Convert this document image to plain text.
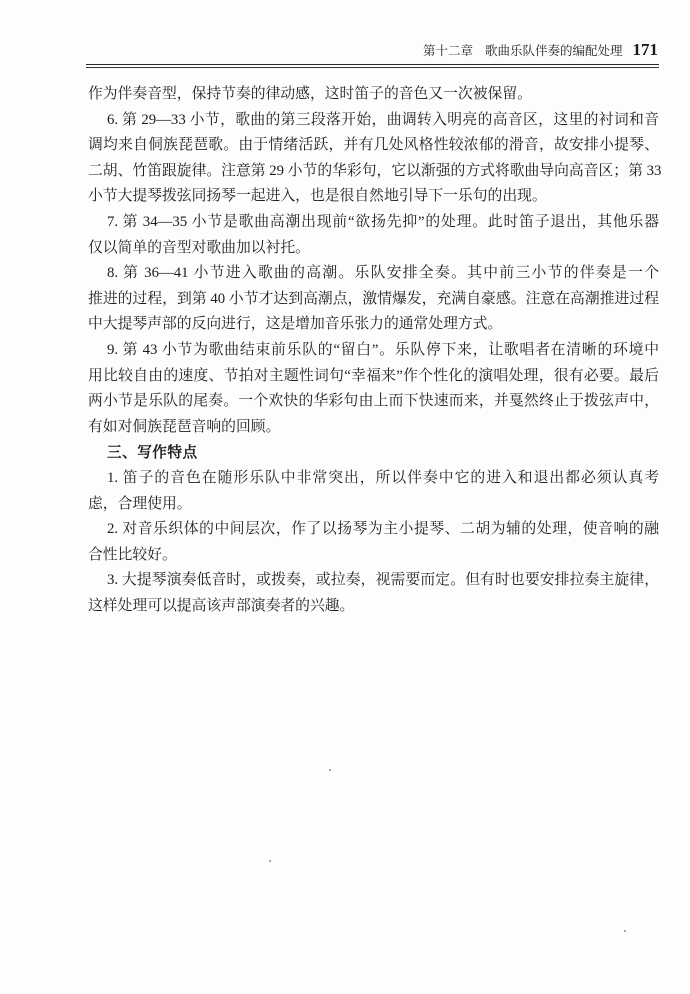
第十二章 歌曲乐队伴奏的编配处理 171
作为伴奏音型，保持节奏的律动感，这时笛子的音色又一次被保留。
6. 第 29—33 小节，歌曲的第三段落开始，曲调转入明亮的高音区，这里的衬词和音
调均来自侗族琵琶歌。由于情绪活跃，并有几处风格性较浓郁的滑音，故安排小提琴、
二胡、竹笛跟旋律。注意第 29 小节的华彩句，它以渐强的方式将歌曲导向高音区；第 33
小节大提琴拨弦同扬琴一起进入，也是很自然地引导下一乐句的出现。
7. 第 34—35 小节是歌曲高潮出现前“欲扬先抑”的处理。此时笛子退出，其他乐器
仅以简单的音型对歌曲加以衬托。
8. 第 36—41 小节进入歌曲的高潮。乐队安排全奏。其中前三小节的伴奏是一个
推进的过程，到第 40 小节才达到高潮点，激情爆发，充满自豪感。注意在高潮推进过程
中大提琴声部的反向进行，这是增加音乐张力的通常处理方式。
9. 第 43 小节为歌曲结束前乐队的“留白”。乐队停下来，让歌唱者在清晰的环境中
用比较自由的速度、节拍对主题性词句“幸福来”作个性化的演唱处理，很有必要。最后
两小节是乐队的尾奏。一个欢快的华彩句由上而下快速而来，并戛然终止于拨弦声中，
有如对侗族琵琶音响的回顾。
三、写作特点
1. 笛子的音色在随形乐队中非常突出，所以伴奏中它的进入和退出都必须认真考
虑，合理使用。
2. 对音乐织体的中间层次，作了以扬琴为主小提琴、二胡为辅的处理，使音响的融
合性比较好。
3. 大提琴演奏低音时，或拨奏，或拉奏，视需要而定。但有时也要安排拉奏主旋律，
这样处理可以提高该声部演奏者的兴趣。
